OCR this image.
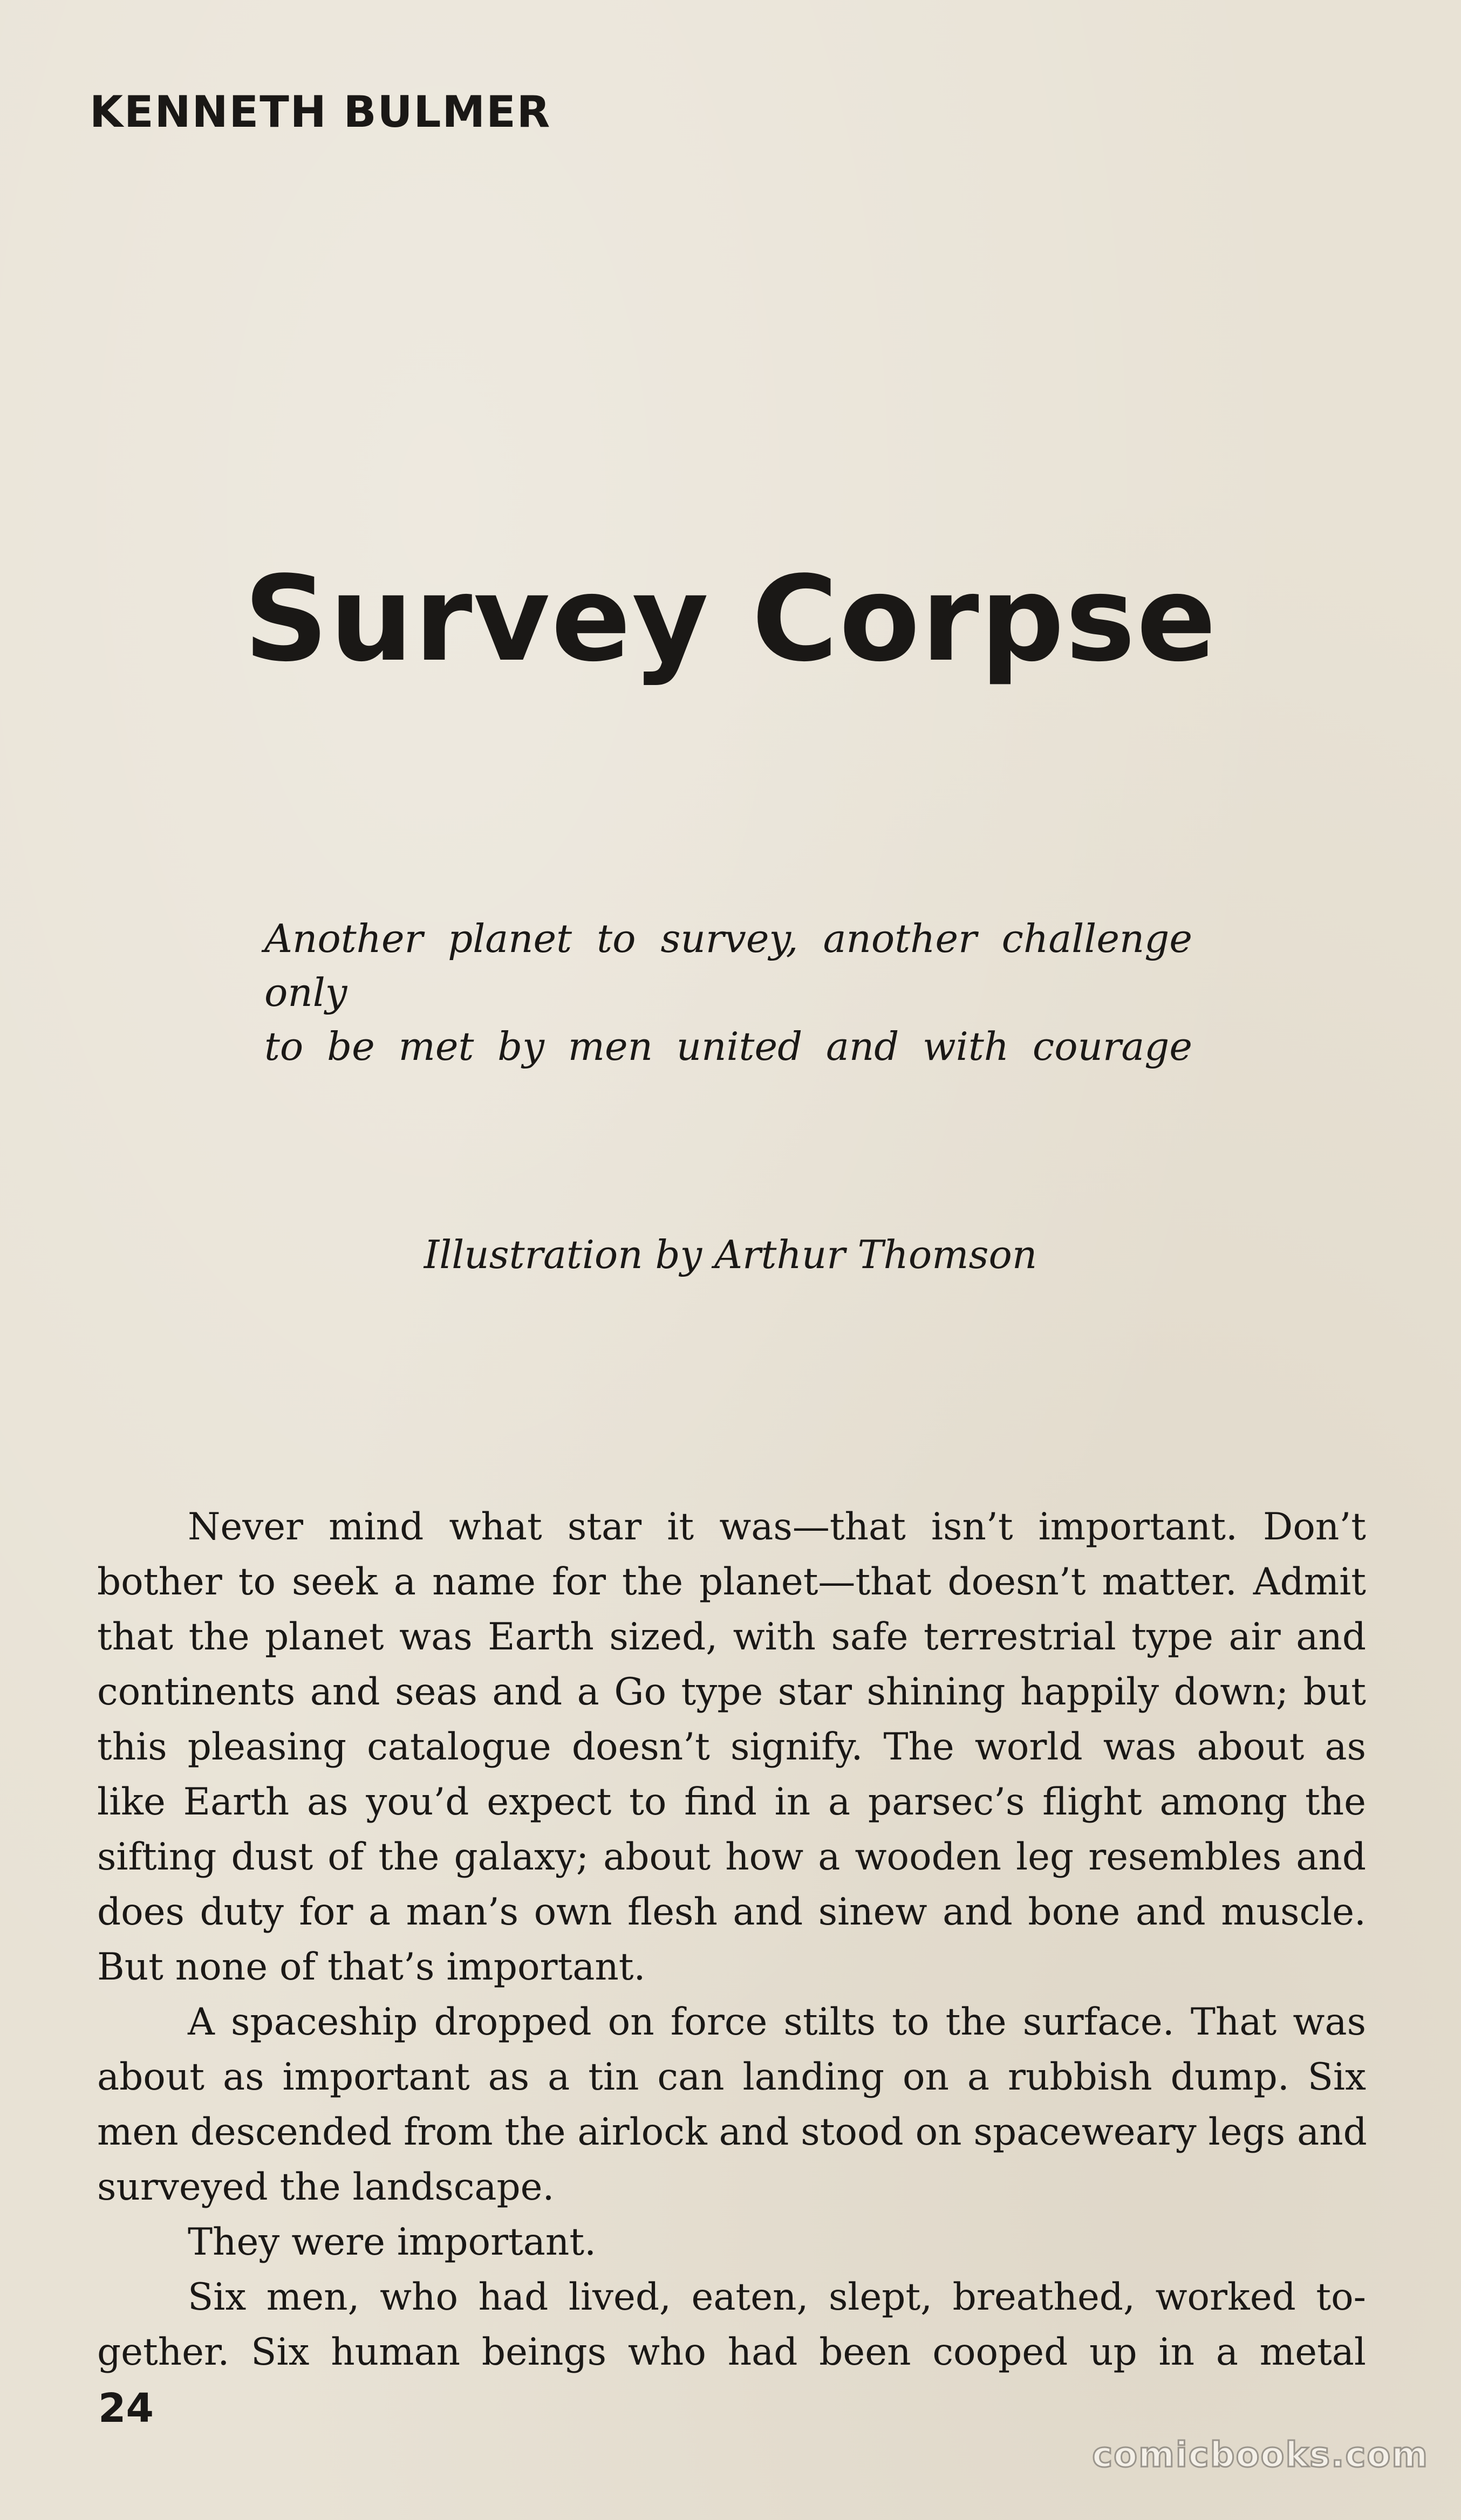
KENNETH BULMER
Survey Corpse
Another planet to survey, another challenge only
to be met by men united and with courage
Illustration by Arthur Thomson
Never mind what star it was—that isn’t important. Don’t
bother to seek a name for the planet—that doesn’t matter. Admit
that the planet was Earth sized, with safe terrestrial type air and
continents and seas and a Go type star shining happily down; but
this pleasing catalogue doesn’t signify. The world was about as
like Earth as you’d expect to find in a parsec’s flight among the
sifting dust of the galaxy; about how a wooden leg resembles and
does duty for a man’s own flesh and sinew and bone and muscle.
But none of that’s important.
A spaceship dropped on force stilts to the surface. That was
about as important as a tin can landing on a rubbish dump. Six
men descended from the airlock and stood on spaceweary legs and
surveyed the landscape.
They were important.
Six men, who had lived, eaten, slept, breathed, worked to-
gether. Six human beings who had been cooped up in a metal
24
comicbooks.com
